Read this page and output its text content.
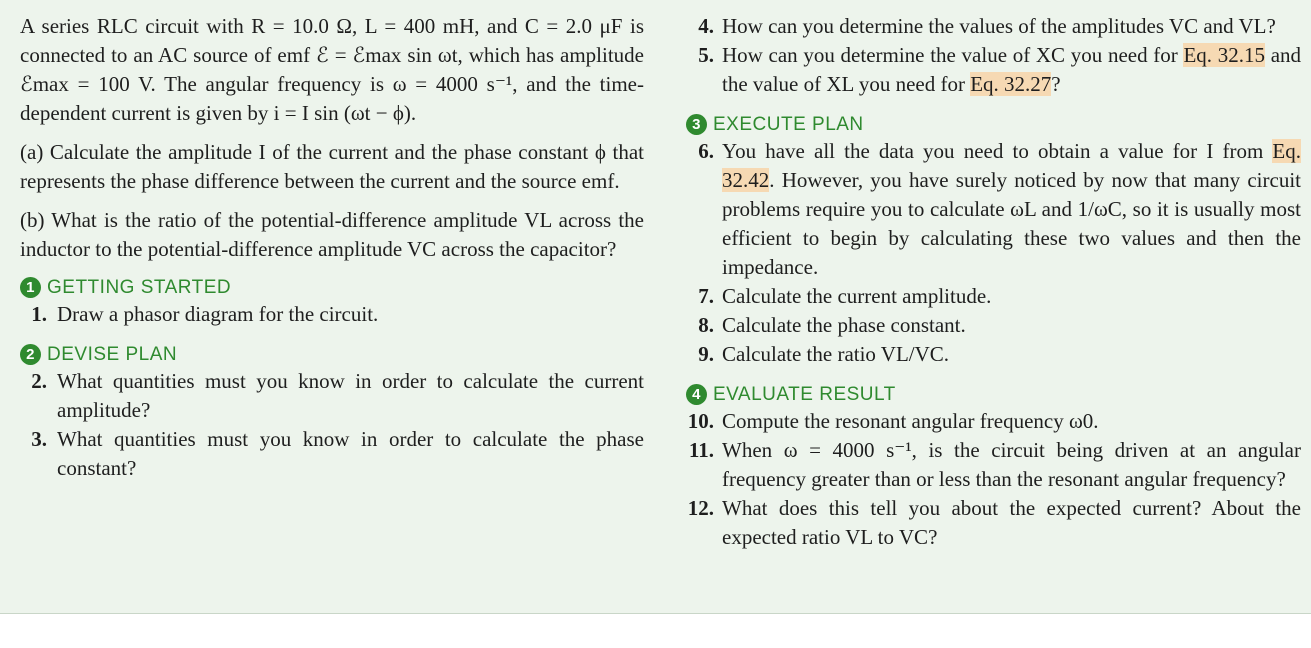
A series RLC circuit with R = 10.0 Ω, L = 400 mH, and C = 2.0 μF is connected to an AC source of emf ℰ = ℰmax sin ωt, which has amplitude ℰmax = 100 V. The angular frequency is ω = 4000 s⁻¹, and the time-dependent current is given by i = I sin (ωt − ϕ).

(a) Calculate the amplitude I of the current and the phase constant ϕ that represents the phase difference between the current and the source emf.

(b) What is the ratio of the potential-difference amplitude VL across the inductor to the potential-difference amplitude VC across the capacitor?

1 GETTING STARTED
1. Draw a phasor diagram for the circuit.
2 DEVISE PLAN
2. What quantities must you know in order to calculate the current amplitude?
3. What quantities must you know in order to calculate the phase constant?
4. How can you determine the values of the amplitudes VC and VL?
5. How can you determine the value of XC you need for Eq. 32.15 and the value of XL you need for Eq. 32.27?
3 EXECUTE PLAN
6. You have all the data you need to obtain a value for I from Eq. 32.42. However, you have surely noticed by now that many circuit problems require you to calculate ωL and 1/ωC, so it is usually most efficient to begin by calculating these two values and then the impedance.
7. Calculate the current amplitude.
8. Calculate the phase constant.
9. Calculate the ratio VL/VC.
4 EVALUATE RESULT
10. Compute the resonant angular frequency ω0.
11. When ω = 4000 s⁻¹, is the circuit being driven at an angular frequency greater than or less than the resonant angular frequency?
12. What does this tell you about the expected current? About the expected ratio VL to VC?
